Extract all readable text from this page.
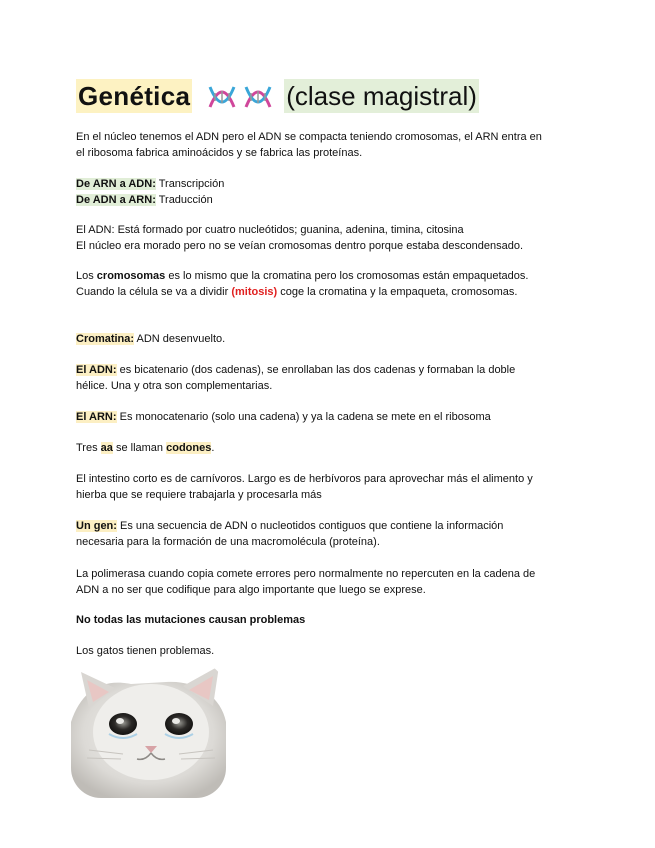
Genética	(clase magistral)

En el núcleo tenemos el ADN pero el ADN se compacta teniendo cromosomas, el ARN entra en
el ribosoma fabrica aminoácidos y se fabrica las proteínas.

De ARN a ADN: Transcripción
De ADN a ARN: Traducción

El ADN: Está formado por cuatro nucleótidos; guanina, adenina, timina, citosina
El núcleo era morado pero no se veían cromosomas dentro porque estaba descondensado.

Los cromosomas es lo mismo que la cromatina pero los cromosomas están empaquetados.
Cuando la célula se va a dividir (mitosis) coge la cromatina y la empaqueta, cromosomas.

Cromatina: ADN desenvuelto.

El ADN: es bicatenario (dos cadenas), se enrollaban las dos cadenas y formaban la doble
hélice. Una y otra son complementarias.

El ARN: Es monocatenario (solo una cadena) y ya la cadena se mete en el ribosoma

Tres aa se llaman codones.

El intestino corto es de carnívoros. Largo es de herbívoros para aprovechar más el alimento y
hierba que se requiere trabajarla y procesarla más

Un gen: Es una secuencia de ADN o nucleotidos contiguos que contiene la información
necesaria para la formación de una macromolécula (proteína).

La polimerasa cuando copia comete errores pero normalmente no repercuten en la cadena de
ADN a no ser que codifique para algo importante que luego se exprese.

No todas las mutaciones causan problemas

Los gatos tienen problemas.
